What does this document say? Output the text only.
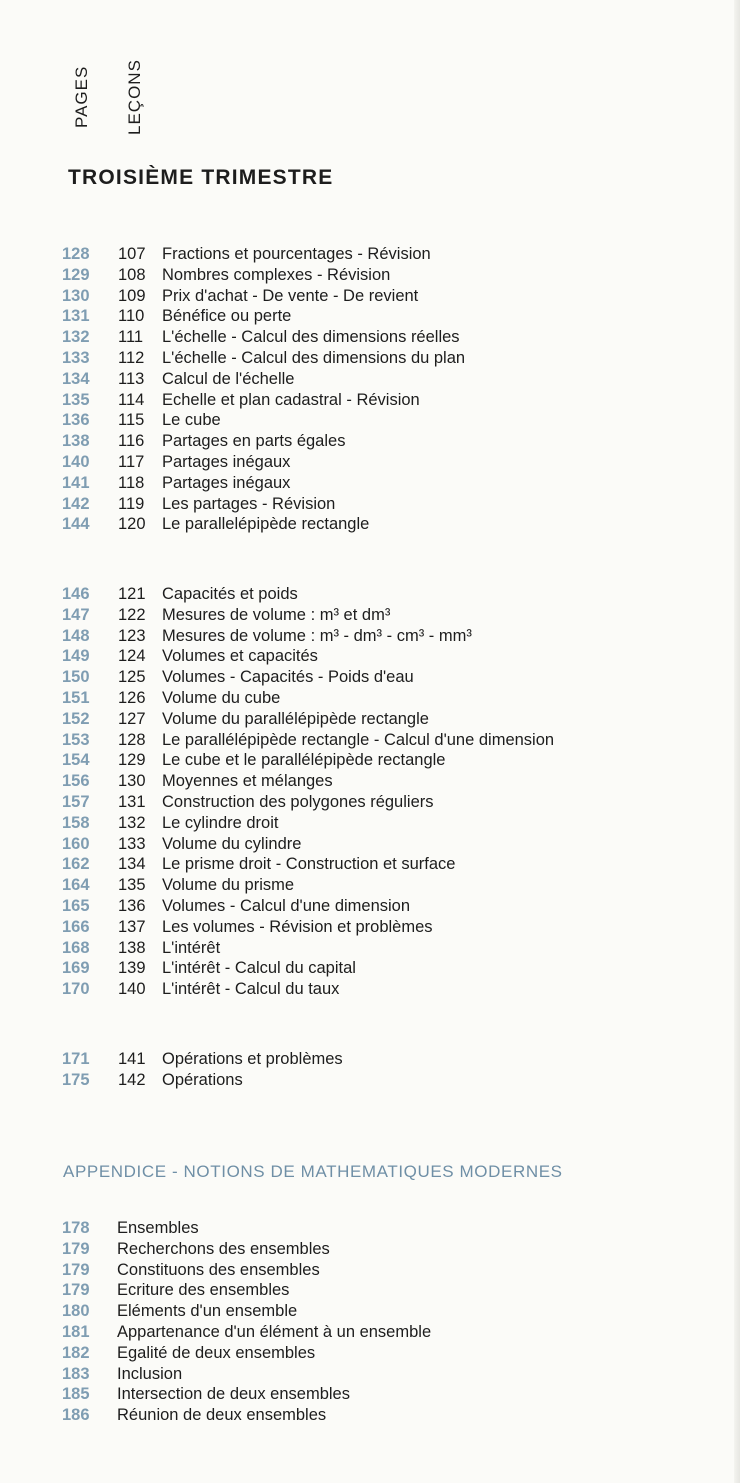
PAGES LEÇONS
TROISIÈME TRIMESTRE
128	107 Fractions et pourcentages - Révision
129	108 Nombres complexes - Révision
130	109 Prix d'achat - De vente - De revient
131	110 Bénéfice ou perte
132	111 L'échelle - Calcul des dimensions réelles
133	112 L'échelle - Calcul des dimensions du plan
134	113 Calcul de l'échelle
135	114 Echelle et plan cadastral - Révision
136	115 Le cube
138	116 Partages en parts égales
140	117 Partages inégaux
141	118 Partages inégaux
142	119 Les partages - Révision
144	120 Le parallelépipède rectangle
146	121 Capacités et poids
147	122 Mesures de volume : m³ et dm³
148	123 Mesures de volume : m³ - dm³ - cm³ - mm³
149	124 Volumes et capacités
150	125 Volumes - Capacités - Poids d'eau
151	126 Volume du cube
152	127 Volume du parallélépipède rectangle
153	128 Le parallélépipède rectangle - Calcul d'une dimension
154	129 Le cube et le parallélépipède rectangle
156	130 Moyennes et mélanges
157	131 Construction des polygones réguliers
158	132 Le cylindre droit
160	133 Volume du cylindre
162	134 Le prisme droit - Construction et surface
164	135 Volume du prisme
165	136 Volumes - Calcul d'une dimension
166	137 Les volumes - Révision et problèmes
168	138 L'intérêt
169	139 L'intérêt - Calcul du capital
170	140 L'intérêt - Calcul du taux
171	141 Opérations et problèmes
175	142 Opérations
APPENDICE - NOTIONS DE MATHEMATIQUES MODERNES
178	Ensembles
179	Recherchons des ensembles
179	Constituons des ensembles
179	Ecriture des ensembles
180	Eléments d'un ensemble
181	Appartenance d'un élément à un ensemble
182	Egalité de deux ensembles
183	Inclusion
185	Intersection de deux ensembles
186	Réunion de deux ensembles
